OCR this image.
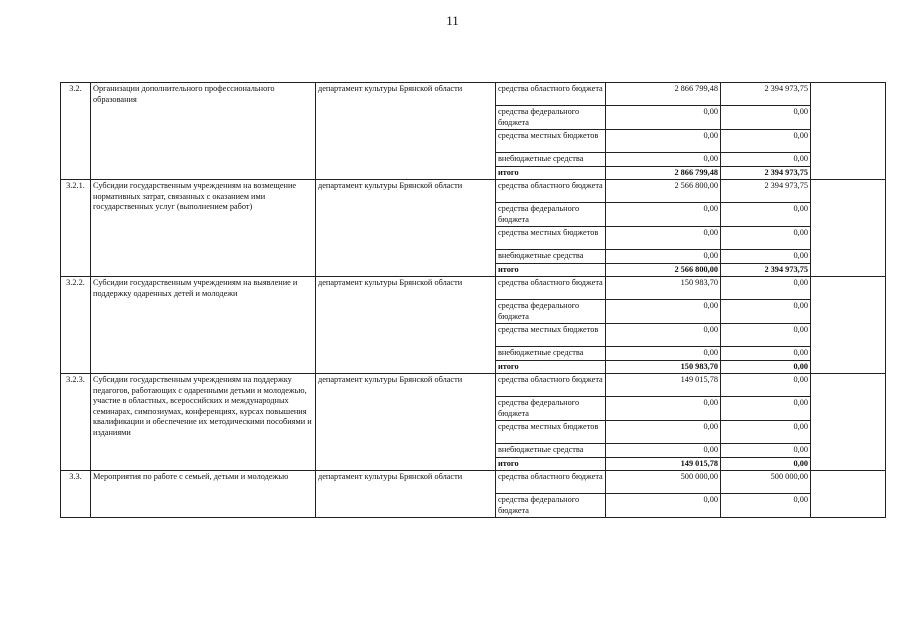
11
3.2.	Организации дополнительного профессионального образования	департамент культуры Брянской области	средства областного бюджета	2 866 799,48	2 394 973,75	
			средства федерального бюджета	0,00	0,00	
			средства местных бюджетов	0,00	0,00	
			внебюджетные средства	0,00	0,00	
			итого	2 866 799,48	2 394 973,75	
3.2.1.	Субсидии государственным учреждениям на возмещение нормативных затрат, связанных с оказанием ими государственных услуг (выполнением работ)	департамент культуры Брянской области	средства областного бюджета	2 566 800,00	2 394 973,75	
			средства федерального бюджета	0,00	0,00	
			средства местных бюджетов	0,00	0,00	
			внебюджетные средства	0,00	0,00	
			итого	2 566 800,00	2 394 973,75	
3.2.2.	Субсидии государственным учреждениям на выявление и поддержку одаренных детей и молодежи	департамент культуры Брянской области	средства областного бюджета	150 983,70	0,00	
			средства федерального бюджета	0,00	0,00	
			средства местных бюджетов	0,00	0,00	
			внебюджетные средства	0,00	0,00	
			итого	150 983,70	0,00	
3.2.3.	Субсидии государственным учреждениям на поддержку педагогов, работающих с одаренными детьми и молодежью, участие в областных, всероссийских и международных семинарах, симпозиумах, конференциях, курсах повышения квалификации и обеспечение их методическими пособиями и изданиями	департамент культуры Брянской области	средства областного бюджета	149 015,78	0,00	
			средства федерального бюджета	0,00	0,00	
			средства местных бюджетов	0,00	0,00	
			внебюджетные средства	0,00	0,00	
			итого	149 015,78	0,00	
3.3.	Мероприятия по работе с семьей, детьми и молодежью	департамент культуры Брянской области	средства областного бюджета	500 000,00	500 000,00	
			средства федерального бюджета	0,00	0,00	
